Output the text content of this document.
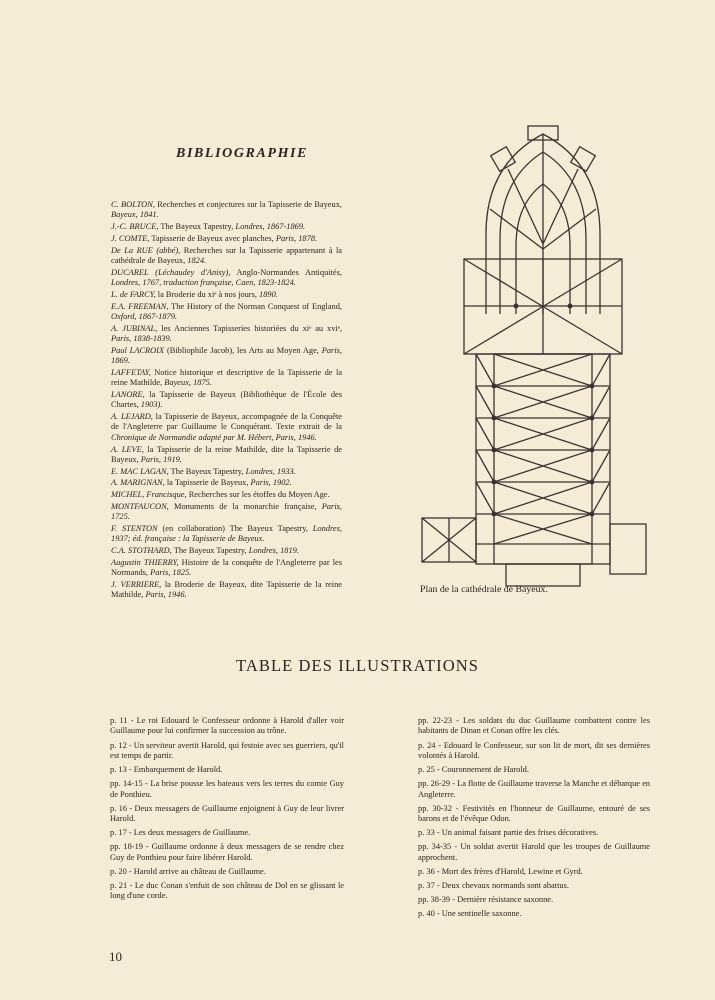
BIBLIOGRAPHIE
C. BOLTON, Recherches et conjectures sur la Tapisserie de Bayeux, Bayeux, 1841.
J.-C. BRUCE, The Bayeux Tapestry, Londres, 1867-1869.
J. COMTE, Tapisserie de Bayeux avec planches, Paris, 1878.
De La RUE (abbé), Recherches sur la Tapisserie appartenant à la cathédrale de Bayeux, 1824.
DUCAREL (Léchaudey d'Anisy), Anglo-Normandes Antiquités, Londres, 1767, traduction française, Caen, 1823-1824.
L. de FARCY, la Broderie du xiᵉ à nos jours, 1890.
E.A. FREEMAN, The History of the Norman Conquest of England, Oxford, 1867-1879.
A. JUBINAL, les Anciennes Tapisseries historiées du xiᵉ au xviᵉ, Paris, 1838-1839.
Paul LACROIX (Bibliophile Jacob), les Arts au Moyen Age, Paris, 1869.
LAFFETAY, Notice historique et descriptive de la Tapisserie de la reine Mathilde, Bayeux, 1875.
LANORE, la Tapisserie de Bayeux (Bibliothèque de l'École des Chartes, 1903).
A. LEJARD, la Tapisserie de Bayeux, accompagnée de la Conquête de l'Angleterre par Guillaume le Conquérant. Texte extrait de la Chronique de Normandie adapté par M. Hébert, Paris, 1946.
A. LEVE, la Tapisserie de la reine Mathilde, dite la Tapisserie de Bayeux, Paris, 1919.
E. MAC LAGAN, The Bayeux Tapestry, Londres, 1933.
A. MARIGNAN, la Tapisserie de Bayeux, Paris, 1902.
MICHEL, Francisque, Recherches sur les étoffes du Moyen Age.
MONTFAUCON, Monuments de la monarchie française, Paris, 1725.
F. STENTON (en collaboration) The Bayeux Tapestry, Londres, 1937; éd. française : la Tapisserie de Bayeux.
C.A. STOTHARD, The Bayeux Tapestry, Londres, 1819.
Augustin THIERRY, Histoire de la conquête de l'Angleterre par les Normands, Paris, 1825.
J. VERRIERE, la Broderie de Bayeux, dite Tapisserie de la reine Mathilde, Paris, 1946.	Plan de la cathédrale de Bayeux.
TABLE DES ILLUSTRATIONS
p. 11 - Le roi Edouard le Confesseur ordonne à Harold d'aller voir Guillaume pour lui confirmer la succession au trône.
p. 12 - Un serviteur avertit Harold, qui festoie avec ses guerriers, qu'il est temps de partir.
p. 13 - Embarquement de Harold.
pp. 14-15 - La brise pousse les bateaux vers les terres du comte Guy de Ponthieu.
p. 16 - Deux messagers de Guillaume enjoignent à Guy de leur livrer Harold.
p. 17 - Les deux messagers de Guillaume.
pp. 18-19 - Guillaume ordonne à deux messagers de se rendre chez Guy de Ponthieu pour faire libérer Harold.
p. 20 - Harold arrive au château de Guillaume.
p. 21 - Le duc Conan s'enfuit de son château de Dol en se glissant le long d'une corde.
pp. 22-23 - Les soldats du duc Guillaume combattent contre les habitants de Dinan et Conan offre les clés.
p. 24 - Edouard le Confesseur, sur son lit de mort, dit ses dernières volontés à Harold.
p. 25 - Couronnement de Harold.
pp. 26-29 - La flotte de Guillaume traverse la Manche et débarque en Angleterre.
pp. 30-32 - Festivités en l'honneur de Guillaume, entouré de ses barons et de l'évêque Odon.
p. 33 - Un animal faisant partie des frises décoratives.
pp. 34-35 - Un soldat avertit Harold que les troupes de Guillaume approchent.
p. 36 - Mort des frères d'Harold, Lewine et Gyrd.
p. 37 - Deux chevaux normands sont abattus.
pp. 38-39 - Dernière résistance saxonne.
p. 40 - Une sentinelle saxonne.
10
